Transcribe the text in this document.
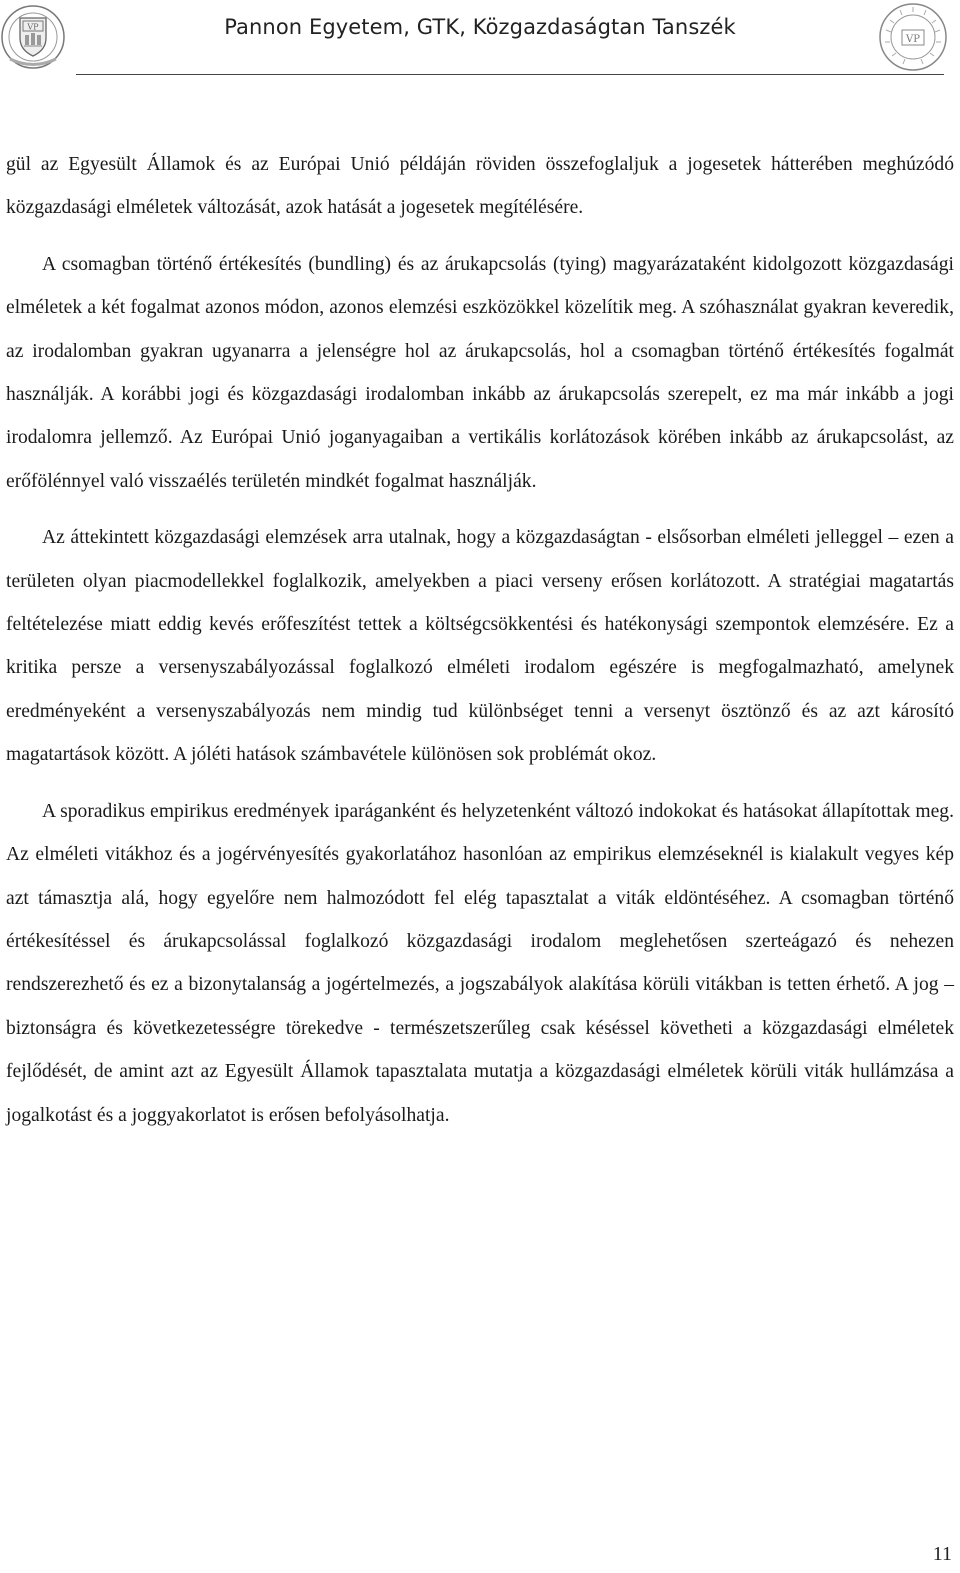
VP
VP
Pannon Egyetem, GTK, Közgazdaságtan Tanszék

gül az Egyesült Államok és az Európai Unió példáján röviden összefoglaljuk a jogesetek hátterében meghúzódó közgazdasági elméletek változását, azok hatását a jogesetek megítélésére.

A csomagban történő értékesítés (bundling) és az árukapcsolás (tying) magyarázataként kidolgozott közgazdasági elméletek a két fogalmat azonos módon, azonos elemzési eszközökkel közelítik meg. A szóhasználat gyakran keveredik, az irodalomban gyakran ugyanarra a jelenségre hol az árukapcsolás, hol a csomagban történő értékesítés fogalmát használják. A korábbi jogi és közgazdasági irodalomban inkább az árukapcsolás szerepelt, ez ma már inkább a jogi irodalomra jellemző. Az Európai Unió joganyagaiban a vertikális korlátozások körében inkább az árukapcsolást, az erőfölénnyel való visszaélés területén mindkét fogalmat használják.

Az áttekintett közgazdasági elemzések arra utalnak, hogy a közgazdaságtan - elsősorban elméleti jelleggel – ezen a területen olyan piacmodellekkel foglalkozik, amelyekben a piaci verseny erősen korlátozott. A stratégiai magatartás feltételezése miatt eddig kevés erőfeszítést tettek a költségcsökkentési és hatékonysági szempontok elemzésére. Ez a kritika persze a versenyszabályozással foglalkozó elméleti irodalom egészére is megfogalmazható, amelynek eredményeként a versenyszabályozás nem mindig tud különbséget tenni a versenyt ösztönző és az azt károsító magatartások között. A jóléti hatások számbavétele különösen sok problémát okoz.

A sporadikus empirikus eredmények iparáganként és helyzetenként változó indokokat és hatásokat állapítottak meg. Az elméleti vitákhoz és a jogérvényesítés gyakorlatához hasonlóan az empirikus elemzéseknél is kialakult vegyes kép azt támasztja alá, hogy egyelőre nem halmozódott fel elég tapasztalat a viták eldöntéséhez. A csomagban történő értékesítéssel és árukapcsolással foglalkozó közgazdasági irodalom meglehetősen szerteágazó és nehezen rendszerezhető és ez a bizonytalanság a jogértelmezés, a jogszabályok alakítása körüli vitákban is tetten érhető. A jog – biztonságra és következetességre törekedve - természetszerűleg csak késéssel követheti a közgazdasági elméletek fejlődését, de amint azt az Egyesült Államok tapasztalata mutatja a közgazdasági elméletek körüli viták hullámzása a jogalkotást és a joggyakorlatot is erősen befolyásolhatja.

11
